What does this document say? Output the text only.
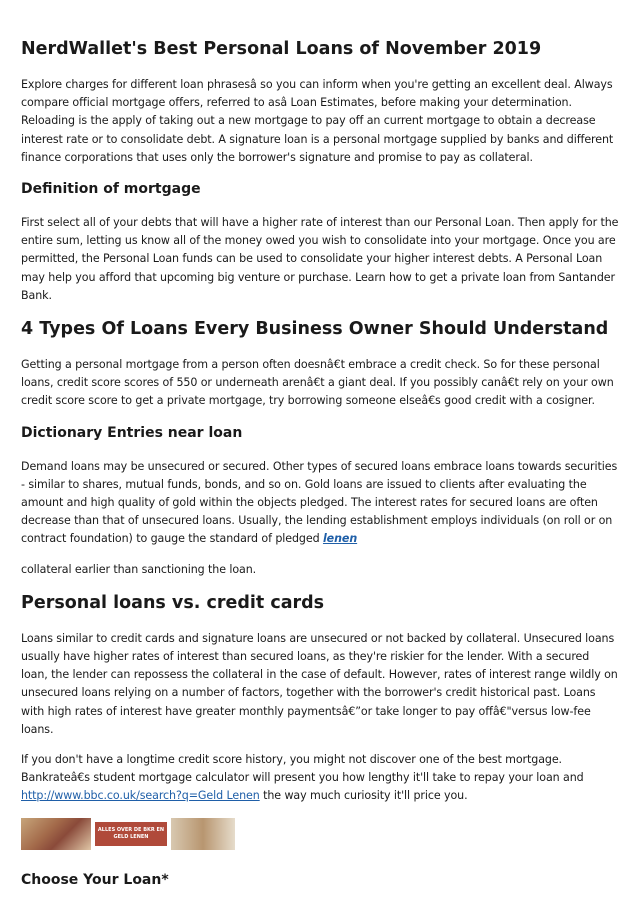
NerdWallet's Best Personal Loans of November 2019

Explore charges for different loan phrasesâ so you can inform when you're getting an excellent deal. Always compare official mortgage offers, referred to asâ Loan Estimates, before making your determination. Reloading is the apply of taking out a new mortgage to pay off an current mortgage to obtain a decrease interest rate or to consolidate debt. A signature loan is a personal mortgage supplied by banks and different finance corporations that uses only the borrower's signature and promise to pay as collateral.

Definition of mortgage

First select all of your debts that will have a higher rate of interest than our Personal Loan. Then apply for the entire sum, letting us know all of the money owed you wish to consolidate into your mortgage. Once you are permitted, the Personal Loan funds can be used to consolidate your higher interest debts. A Personal Loan may help you afford that upcoming big venture or purchase. Learn how to get a private loan from Santander Bank.

4 Types Of Loans Every Business Owner Should Understand

Getting a personal mortgage from a person often doesnâ€t embrace a credit check. So for these personal loans, credit score scores of 550 or underneath arenâ€t a giant deal. If you possibly canâ€t rely on your own credit score score to get a private mortgage, try borrowing someone elseâ€s good credit with a cosigner.

Dictionary Entries near loan

Demand loans may be unsecured or secured. Other types of secured loans embrace loans towards securities - similar to shares, mutual funds, bonds, and so on. Gold loans are issued to clients after evaluating the amount and high quality of gold within the objects pledged. The interest rates for secured loans are often decrease than that of unsecured loans. Usually, the lending establishment employs individuals (on roll or on contract foundation) to gauge the standard of pledged lenen

collateral earlier than sanctioning the loan.

Personal loans vs. credit cards

Loans similar to credit cards and signature loans are unsecured or not backed by collateral. Unsecured loans usually have higher rates of interest than secured loans, as they're riskier for the lender. With a secured loan, the lender can repossess the collateral in the case of default. However, rates of interest range wildly on unsecured loans relying on a number of factors, together with the borrower's credit historical past. Loans with high rates of interest have greater monthly paymentsâ€”or take longer to pay offâ€"versus low-fee loans.

If you don't have a longtime credit score history, you might not discover one of the best mortgage. Bankrateâ€s student mortgage calculator will present you how lengthy it'll take to repay your loan and
http://www.bbc.co.uk/search?q=Geld Lenen the way much curiosity it'll price you.

ALLES OVER DE BKR EN
GELD LENEN
Choose Your Loan*
